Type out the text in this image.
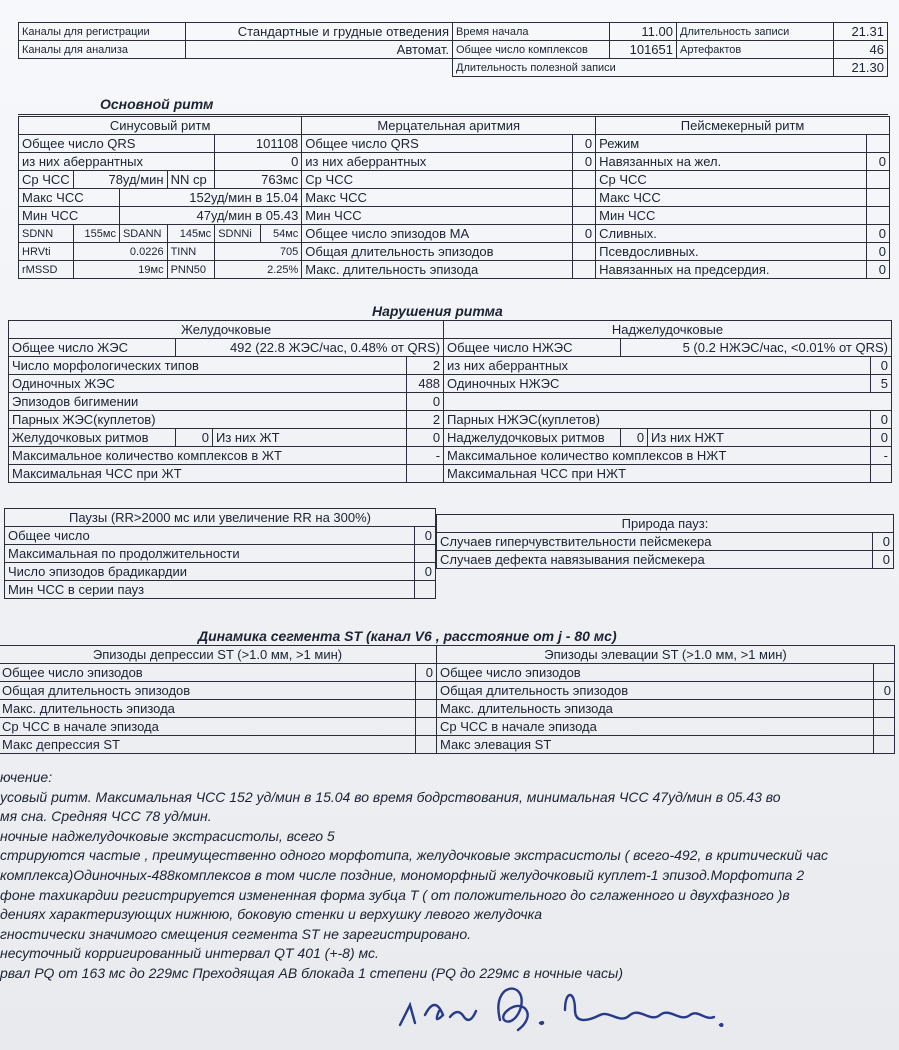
Каналы для регистрации	Стандартные и грудные отведения	Время начала	11.00	Длительность записи	21.31
Каналы для анализа	Автомат.	Общее число комплексов	101651	Артефактов	46
		Длительность полезной записи			21.30
Основной ритм
Синусовый ритм						Мерцательная аритмия		Пейсмекерный ритм	
Общее число QRS				101108		Общее число QRS	0	Режим	
из них аберрантных				0		из них аберрантных	0	Навязанных на жел.	0
Ср ЧСС	78уд/мин		NN ср	763мс		Ср ЧСС		Ср ЧСС	
Макс ЧСС		152уд/мин в 15.04				Макс ЧСС		Макс ЧСС	
Мин ЧСС		47уд/мин в 05.43				Мин ЧСС		Мин ЧСС	
SDNN	155мс	SDANN	145мс	SDNNi	54мс	Общее число эпизодов МА	0	Сливных.	0
HRVti	0.0226		TINN	705		Общая длительность эпизодов		Псевдосливных.	0
rMSSD	19мс		PNN50	2.25%		Макс. длительность эпизода		Навязанных на предсердия.	0
Нарушения ритма
Желудочковые				Наджелудочковые			
Общее число ЖЭС	492 (22.8 ЖЭС/час, 0.48% от QRS)			Общее число НЖЭС	5 (0.2 НЖЭС/час, <0.01% от QRS)		
Число морфологических типов			2	из них аберрантных			0
Одиночных ЖЭС			488	Одиночных НЖЭС			5
Эпизодов бигимении			0				
Парных ЖЭС(куплетов)			2	Парных НЖЭС(куплетов)			0
Желудочковых ритмов	0	Из них ЖТ	0	Наджелудочковых ритмов	0	Из них НЖТ	0
Максимальное количество комплексов в ЖТ			-	Максимальное количество комплексов в НЖТ			-
Максимальная ЧСС при ЖТ				Максимальная ЧСС при НЖТ			
Паузы (RR>2000 мс или увеличение RR на 300%)	
Общее число	0
Максимальная по продолжительности	
Число эпизодов брадикардии	0
Мин ЧСС в серии пауз	
Природа пауз:	
Случаев гиперчувствительности пейсмекера	0
Случаев дефекта навязывания пейсмекера	0
Динамика сегмента ST (канал V6 , расстояние от j - 80 мс)
Эпизоды депрессии ST (>1.0 мм, >1 мин)		Эпизоды элевации ST (>1.0 мм, >1 мин)	
Общее число эпизодов	0	Общее число эпизодов	
Общая длительность эпизодов		Общая длительность эпизодов	0
Макс. длительность эпизода		Макс. длительность эпизода	
Ср ЧСС в начале эпизода		Ср ЧСС в начале эпизода	
Макс депрессия ST		Макс элевация ST	
ючение:
усовый ритм. Максимальная ЧСС 152 уд/мин в 15.04 во время бодрствования, минимальная ЧСС 47уд/мин в 05.43 во
мя сна. Средняя ЧСС 78 уд/мин.
ночные наджелудочковые экстрасистолы, всего 5
стрируются частые , преимущественно одного морфотипа, желудочковые экстрасистолы ( всего-492, в критический час
комплекса)Одиночных-488комплексов в том числе поздние, мономорфный желудочковый куплет-1 эпизод.Морфотипа 2
фоне тахикардии регистрируется измененная форма зубца Т ( от положительного до сглаженного и двухфазного )в
дениях характеризующих нижнюю, боковую стенки и верхушку левого желудочка
гностически значимого смещения сегмента ST не зарегистрировано.
несуточный корригированный интервал QT 401 (+-8) мс.
рвал PQ от 163 мс до 229мс Преходящая АВ блокада 1 степени (PQ до 229мс в ночные часы)
